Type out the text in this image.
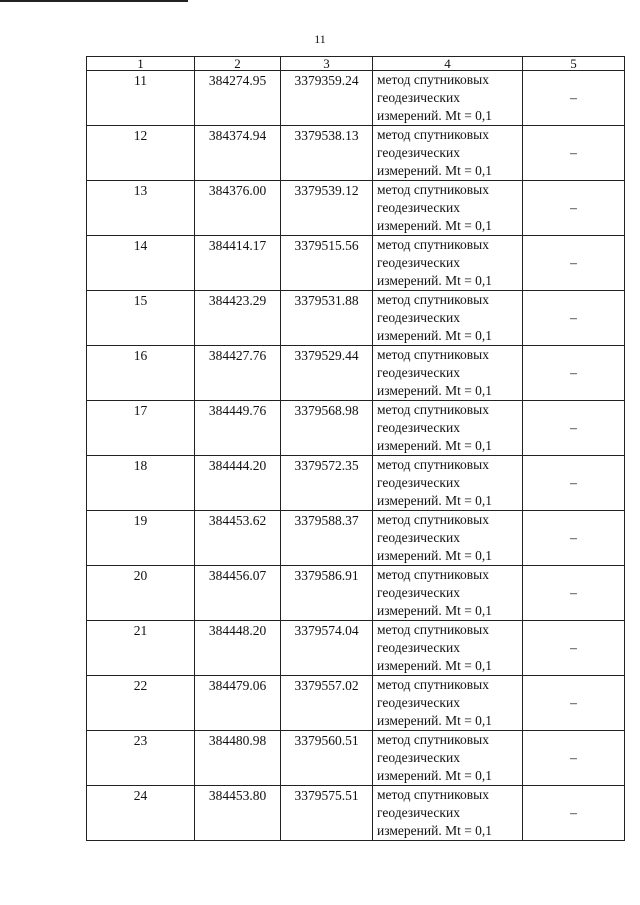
11
1	2	3	4	5
11	384274.95	3379359.24	метод спутниковых
геодезических
измерений. Mt = 0,1	–
12	384374.94	3379538.13	метод спутниковых
геодезических
измерений. Mt = 0,1	–
13	384376.00	3379539.12	метод спутниковых
геодезических
измерений. Mt = 0,1	–
14	384414.17	3379515.56	метод спутниковых
геодезических
измерений. Mt = 0,1	–
15	384423.29	3379531.88	метод спутниковых
геодезических
измерений. Mt = 0,1	–
16	384427.76	3379529.44	метод спутниковых
геодезических
измерений. Mt = 0,1	–
17	384449.76	3379568.98	метод спутниковых
геодезических
измерений. Mt = 0,1	–
18	384444.20	3379572.35	метод спутниковых
геодезических
измерений. Mt = 0,1	–
19	384453.62	3379588.37	метод спутниковых
геодезических
измерений. Mt = 0,1	–
20	384456.07	3379586.91	метод спутниковых
геодезических
измерений. Mt = 0,1	–
21	384448.20	3379574.04	метод спутниковых
геодезических
измерений. Mt = 0,1	–
22	384479.06	3379557.02	метод спутниковых
геодезических
измерений. Mt = 0,1	–
23	384480.98	3379560.51	метод спутниковых
геодезических
измерений. Mt = 0,1	–
24	384453.80	3379575.51	метод спутниковых
геодезических
измерений. Mt = 0,1	–
